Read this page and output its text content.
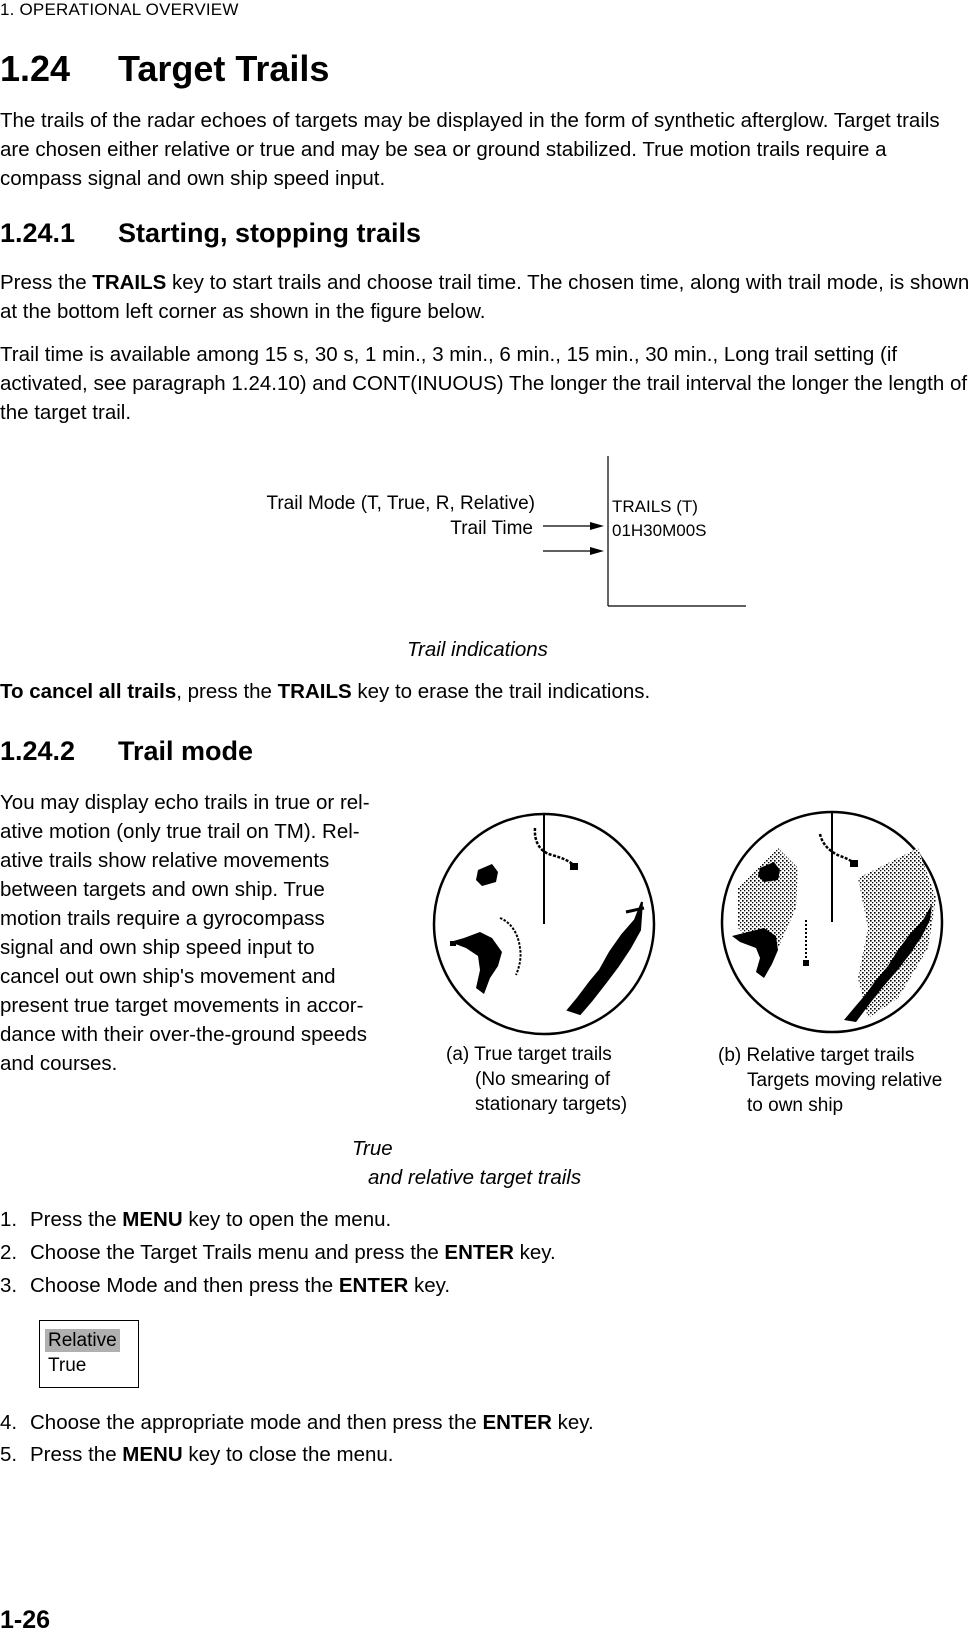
1. OPERATIONAL OVERVIEW
1.24 Target Trails
The trails of the radar echoes of targets may be displayed in the form of synthetic afterglow. Target trails are chosen either relative or true and may be sea or ground stabilized. True motion trails require a compass signal and own ship speed input.
1.24.1 Starting, stopping trails
Press the TRAILS key to start trails and choose trail time. The chosen time, along with trail mode, is shown at the bottom left corner as shown in the figure below.
Trail time is available among 15 s, 30 s, 1 min., 3 min., 6 min., 15 min., 30 min., Long trail setting (if activated, see paragraph 1.24.10) and CONT(INUOUS) The longer the trail interval the longer the length of the target trail.
Trail Mode (T, True, R, Relative)
Trail Time
TRAILS (T)
01H30M00S
Trail indications
To cancel all trails, press the TRAILS key to erase the trail indications.
1.24.2 Trail mode
You may display echo trails in true or rel-
ative motion (only true trail on TM). Rel-
ative trails show relative movements
between targets and own ship. True
motion trails require a gyrocompass
signal and own ship speed input to
cancel out own ship's movement and
present true target movements in accor-
dance with their over-the-ground speeds
and courses.	(a) True target trails
(No smearing of
stationary targets)
(b) Relative target trails
Targets moving relative
to own ship
True
and relative target trails
1. Press the MENU key to open the menu.
2. Choose the Target Trails menu and press the ENTER key.
3. Choose Mode and then press the ENTER key.
Relative
True
4. Choose the appropriate mode and then press the ENTER key.
5. Press the MENU key to close the menu.
1-26
